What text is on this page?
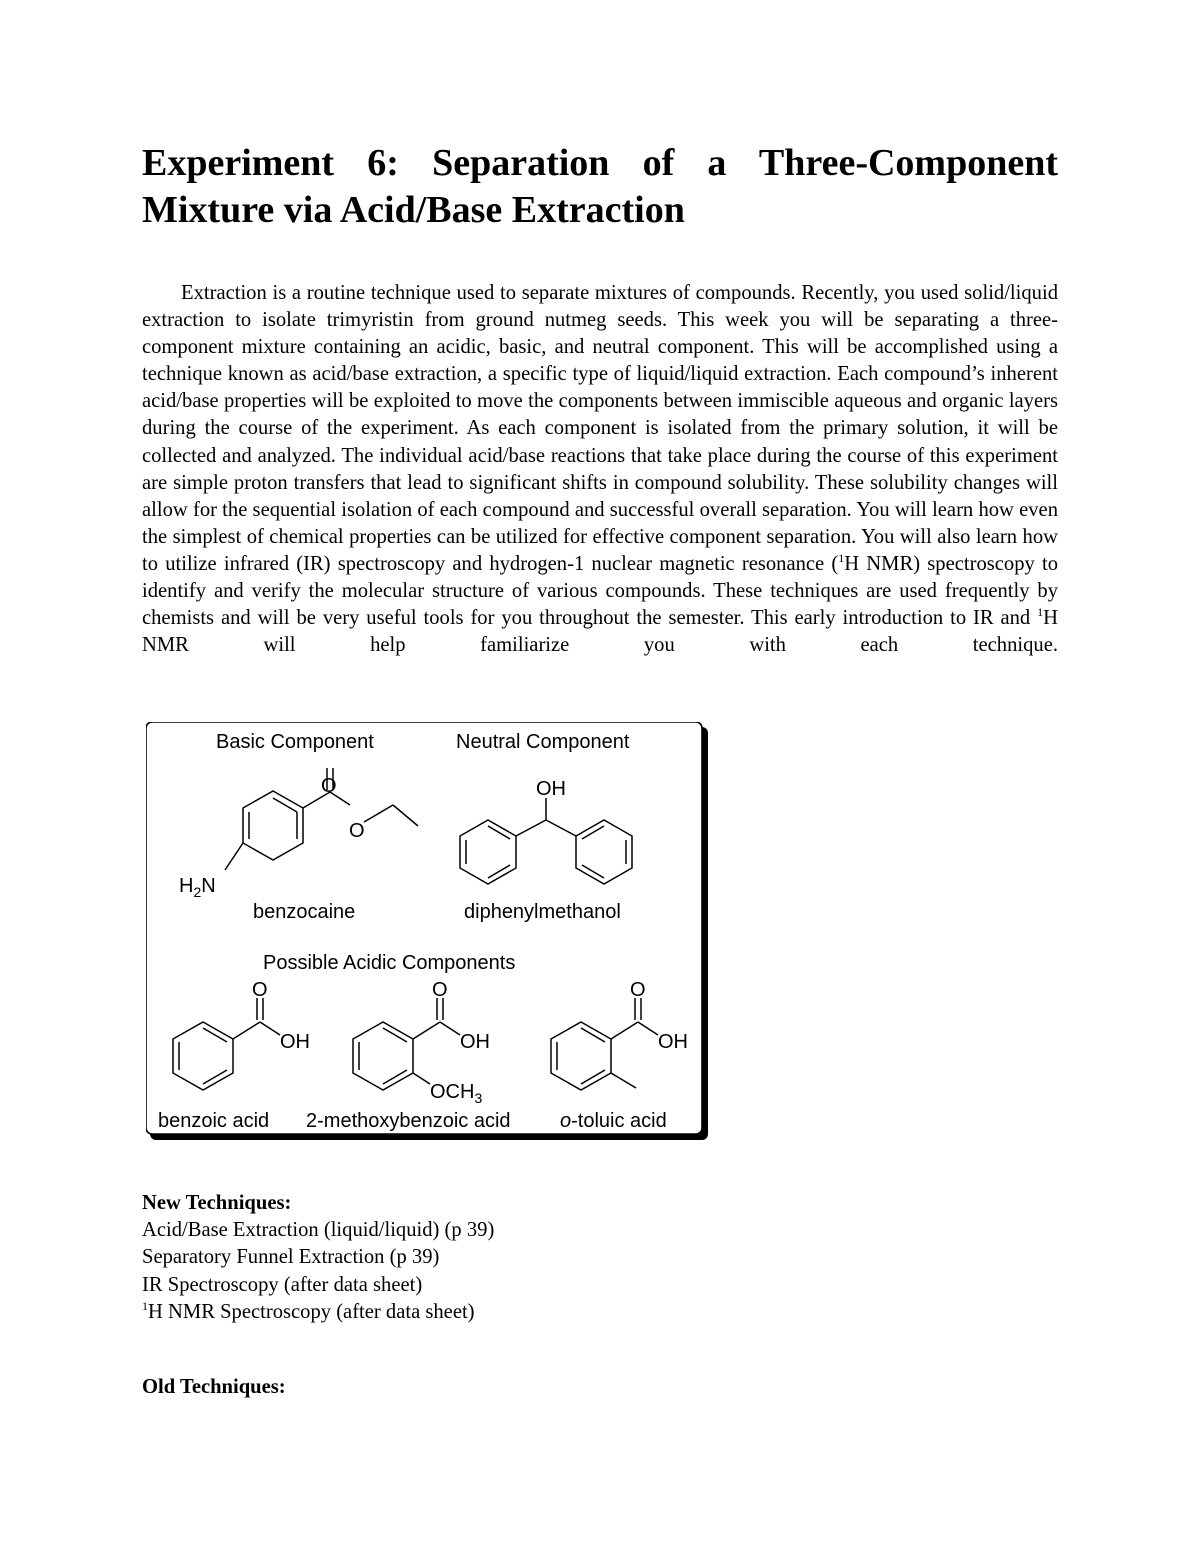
Experiment 6: Separation of a Three-Component Mixture via Acid/Base Extraction

Extraction is a routine technique used to separate mixtures of compounds. Recently, you used solid/liquid extraction to isolate trimyristin from ground nutmeg seeds. This week you will be separating a three-component mixture containing an acidic, basic, and neutral component. This will be accomplished using a technique known as acid/base extraction, a specific type of liquid/liquid extraction. Each compound’s inherent acid/base properties will be exploited to move the components between immiscible aqueous and organic layers during the course of the experiment. As each component is isolated from the primary solution, it will be collected and analyzed. The individual acid/base reactions that take place during the course of this experiment are simple proton transfers that lead to significant shifts in compound solubility. These solubility changes will allow for the sequential isolation of each compound and successful overall separation. You will learn how even the simplest of chemical properties can be utilized for effective component separation. You will also learn how to utilize infrared (IR) spectroscopy and hydrogen-1 nuclear magnetic resonance ($^1$H NMR) spectroscopy to identify and verify the molecular structure of various compounds. These techniques are used frequently by chemists and will be very useful tools for you throughout the semester. This early introduction to IR and $^1$H NMR will help familiarize you with each technique.

Basic Component	Neutral Component
Possible Acidic Components
O
O
$H_2N$
OH
O
OH
O
OH
$OCH_3$
O
OH
benzocaine	diphenylmethanol
benzoic acid 2-methoxybenzoic acid o-toluic acid
New Techniques:
Acid/Base Extraction (liquid/liquid) (p 39)
Separatory Funnel Extraction (p 39)
IR Spectroscopy (after data sheet)
$^1$H NMR Spectroscopy (after data sheet)
Old Techniques:
